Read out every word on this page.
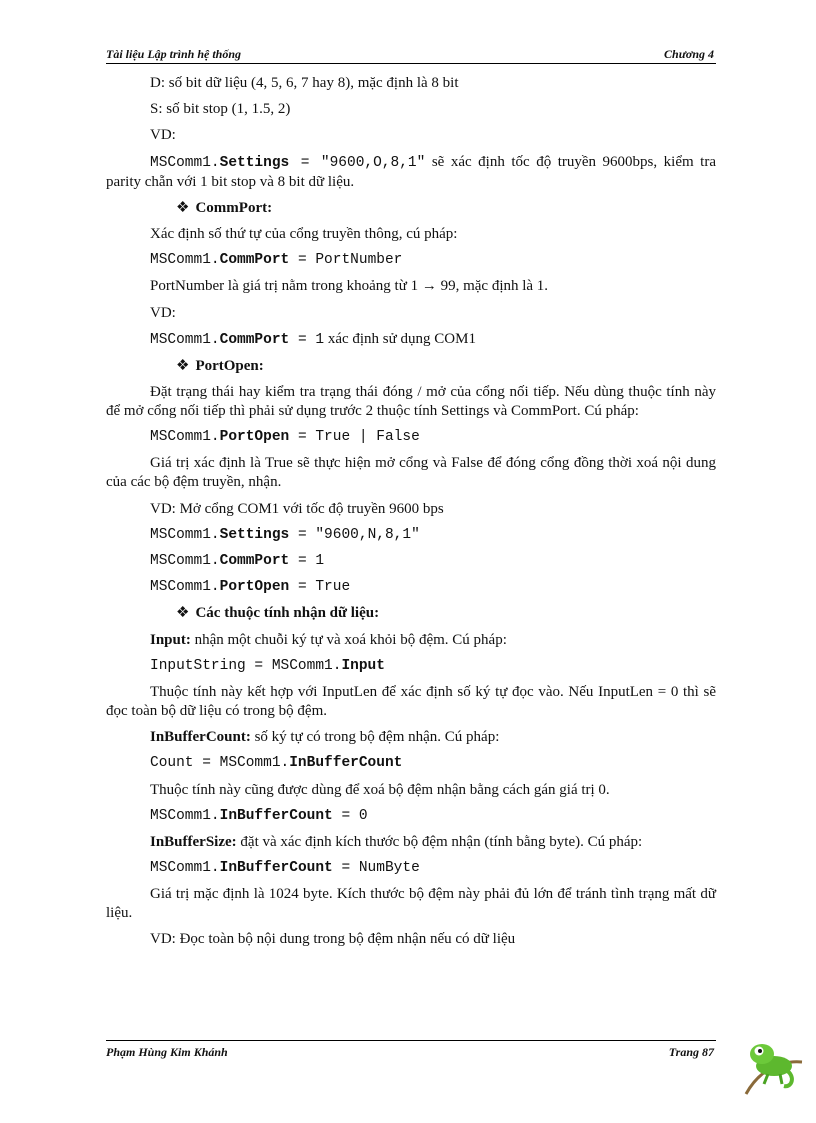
Tài liệu Lập trình hệ thống	Chương 4

D: số bit dữ liệu (4, 5, 6, 7 hay 8), mặc định là 8 bit

S: số bit stop (1, 1.5, 2)

VD:

MSComm1.Settings = "9600,O,8,1" sẽ xác định tốc độ truyền 9600bps, kiểm tra parity chẵn với 1 bit stop và 8 bit dữ liệu.

❖ CommPort:

Xác định số thứ tự của cổng truyền thông, cú pháp:

MSComm1.CommPort = PortNumber

PortNumber là giá trị nằm trong khoảng từ 1 → 99, mặc định là 1.

VD:

MSComm1.CommPort = 1 xác định sử dụng COM1

❖ PortOpen:

Đặt trạng thái hay kiểm tra trạng thái đóng / mở của cổng nối tiếp. Nếu dùng thuộc tính này để mở cổng nối tiếp thì phải sử dụng trước 2 thuộc tính Settings và CommPort. Cú pháp:

MSComm1.PortOpen = True | False

Giá trị xác định là True sẽ thực hiện mở cổng và False để đóng cổng đồng thời xoá nội dung của các bộ đệm truyền, nhận.

VD: Mở cổng COM1 với tốc độ truyền 9600 bps

MSComm1.Settings = "9600,N,8,1"

MSComm1.CommPort = 1

MSComm1.PortOpen = True

❖ Các thuộc tính nhận dữ liệu:

Input: nhận một chuỗi ký tự và xoá khỏi bộ đệm. Cú pháp:

InputString = MSComm1.Input

Thuộc tính này kết hợp với InputLen để xác định số ký tự đọc vào. Nếu InputLen = 0 thì sẽ đọc toàn bộ dữ liệu có trong bộ đệm.

InBufferCount: số ký tự có trong bộ đệm nhận. Cú pháp:

Count = MSComm1.InBufferCount

Thuộc tính này cũng được dùng để xoá bộ đệm nhận bằng cách gán giá trị 0.

MSComm1.InBufferCount = 0

InBufferSize: đặt và xác định kích thước bộ đệm nhận (tính bằng byte). Cú pháp:

MSComm1.InBufferCount = NumByte

Giá trị mặc định là 1024 byte. Kích thước bộ đệm này phải đủ lớn để tránh tình trạng mất dữ liệu.

VD: Đọc toàn bộ nội dung trong bộ đệm nhận nếu có dữ liệu

Phạm Hùng Kim Khánh	Trang 87
